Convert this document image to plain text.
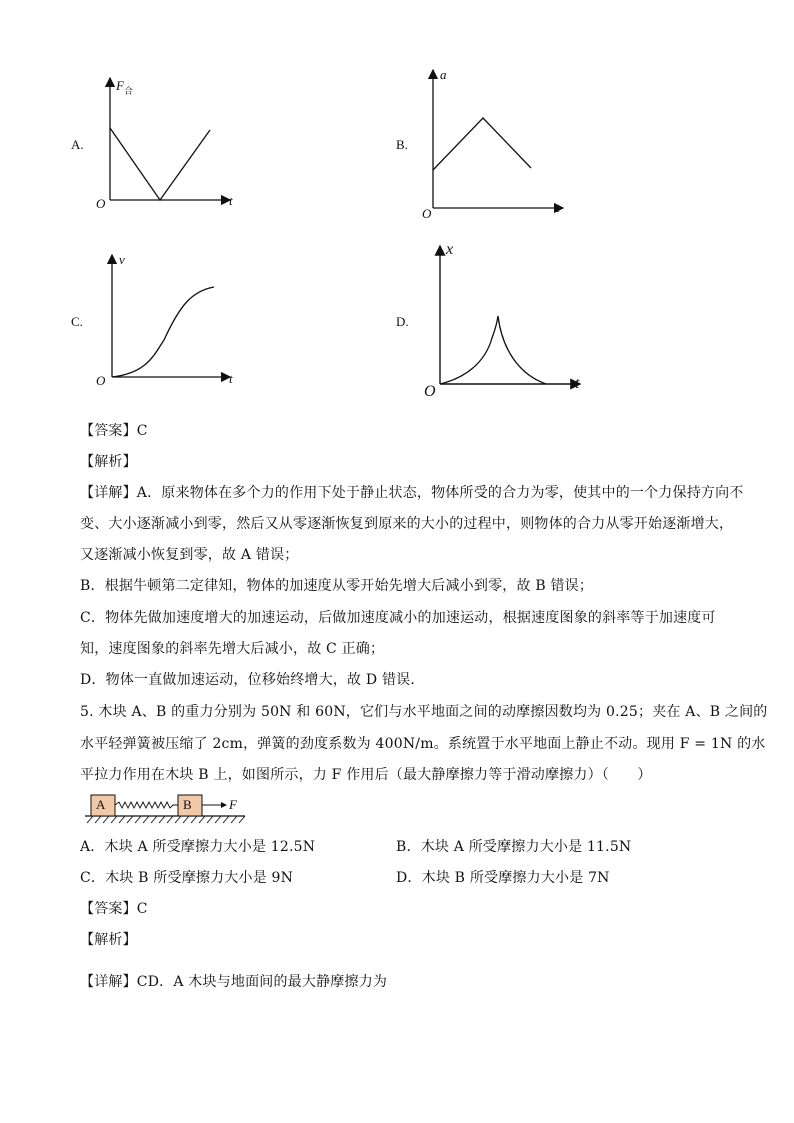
A.
$F_合$
t
O
B.
a
t
O
C.
v
t
O
D.
x
t
O
【答案】C
【解析】
【详解】A．原来物体在多个力的作用下处于静止状态，物体所受的合力为零，使其中的一个力保持方向不
变、大小逐渐减小到零，然后又从零逐渐恢复到原来的大小的过程中，则物体的合力从零开始逐渐增大，
又逐渐减小恢复到零，故 A 错误；
B．根据牛顿第二定律知，物体的加速度从零开始先增大后减小到零，故 B 错误；
C．物体先做加速度增大的加速运动，后做加速度减小的加速运动，根据速度图象的斜率等于加速度可
知，速度图象的斜率先增大后减小，故 C 正确；
D．物体一直做加速运动，位移始终增大，故 D 错误．
5. 木块 A、B 的重力分别为 50N 和 60N，它们与水平地面之间的动摩擦因数均为 0.25；夹在 A、B 之间的
水平轻弹簧被压缩了 2cm，弹簧的劲度系数为 400N/m。系统置于水平地面上静止不动。现用 F = 1N 的水
平拉力作用在木块 B 上，如图所示，力 F 作用后（最大静摩擦力等于滑动摩擦力）（　　）
A	B	F
A．木块 A 所受摩擦力大小是 12.5N	B．木块 A 所受摩擦力大小是 11.5N
C．木块 B 所受摩擦力大小是 9N	D．木块 B 所受摩擦力大小是 7N
【答案】C
【解析】
【详解】CD．A 木块与地面间的最大静摩擦力为
